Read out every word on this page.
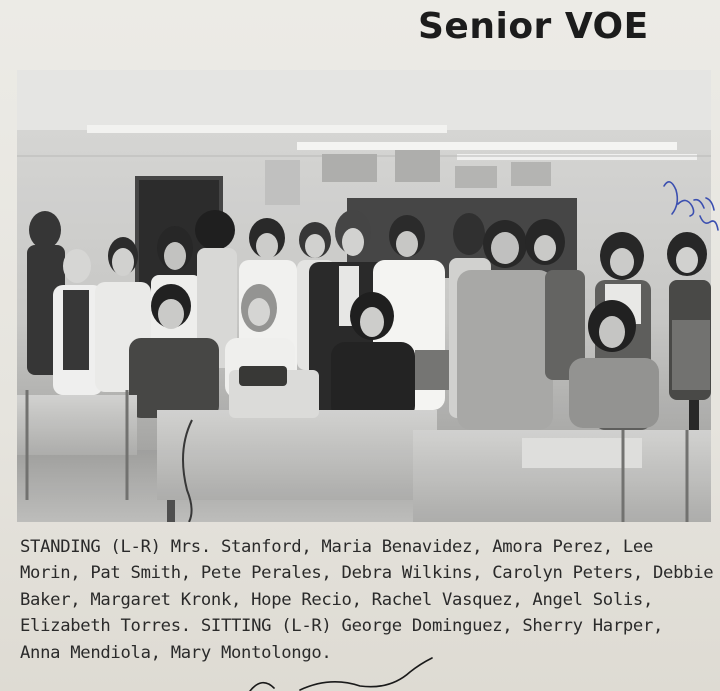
Senior VOE
STANDING (L-R) Mrs. Stanford, Maria Benavidez, Amora Perez, Lee
Morin, Pat Smith, Pete Perales, Debra Wilkins, Carolyn Peters, Debbie
Baker, Margaret Kronk, Hope Recio, Rachel Vasquez, Angel Solis,
Elizabeth Torres. SITTING (L-R) George Dominguez, Sherry Harper,
Anna Mendiola, Mary Montolongo.
